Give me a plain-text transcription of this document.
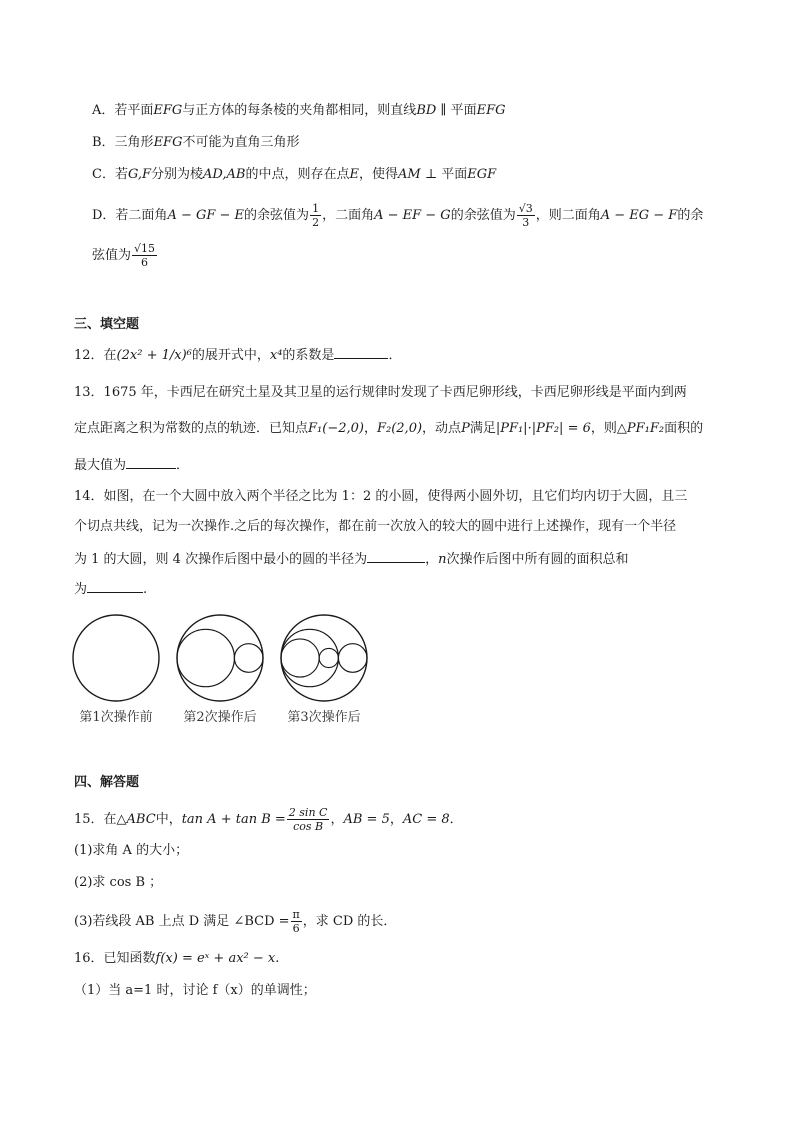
A．若平面EFG与正方体的每条棱的夹角都相同，则直线BD ∥ 平面EFG
B．三角形EFG不可能为直角三角形
C．若G,F分别为棱AD,AB的中点，则存在点E，使得AM ⊥ 平面EGF
D．若二面角A − GF − E的余弦值为 $\frac{1}{2}$ ，二面角A − EF − G的余弦值为 $\frac{√3}{3}$ ，则二面角A − EG − F的余
弦值为 $\frac{√15}{6}$
三、填空题
12．在(2x² + 1/x)⁶的展开式中，x⁴的系数是	．
13．1675 年，卡西尼在研究土星及其卫星的运行规律时发现了卡西尼卵形线，卡西尼卵形线是平面内到两
定点距离之积为常数的点的轨迹．已知点F₁(−2,0)，F₂(2,0)，动点P满足|PF₁|·|PF₂| = 6，则△PF₁F₂面积的
最大值为	．
14．如图，在一个大圆中放入两个半径之比为 1：2 的小圆，使得两小圆外切，且它们均内切于大圆，且三
个切点共线，记为一次操作.之后的每次操作，都在前一次放入的较大的圆中进行上述操作，现有一个半径
为 1 的大圆，则 4 次操作后图中最小的圆的半径为	，n次操作后图中所有圆的面积总和
为	.
第1次操作前	第2次操作后	第3次操作后
四、解答题
15．在△ABC中，$\tan A + \tan B = \frac{\text{2 sin C}}{\text{cos B}}$ ，AB = 5，AC = 8．
(1)求角 A 的大小；
(2)求 cos B ；
(3)若线段 AB 上点 D 满足 ∠BCD = $\frac{\pi}{6}$ ，求 CD 的长．
16．已知函数f(x) = eˣ + ax² − x.
（1）当 a=1 时，讨论 f（x）的单调性；
